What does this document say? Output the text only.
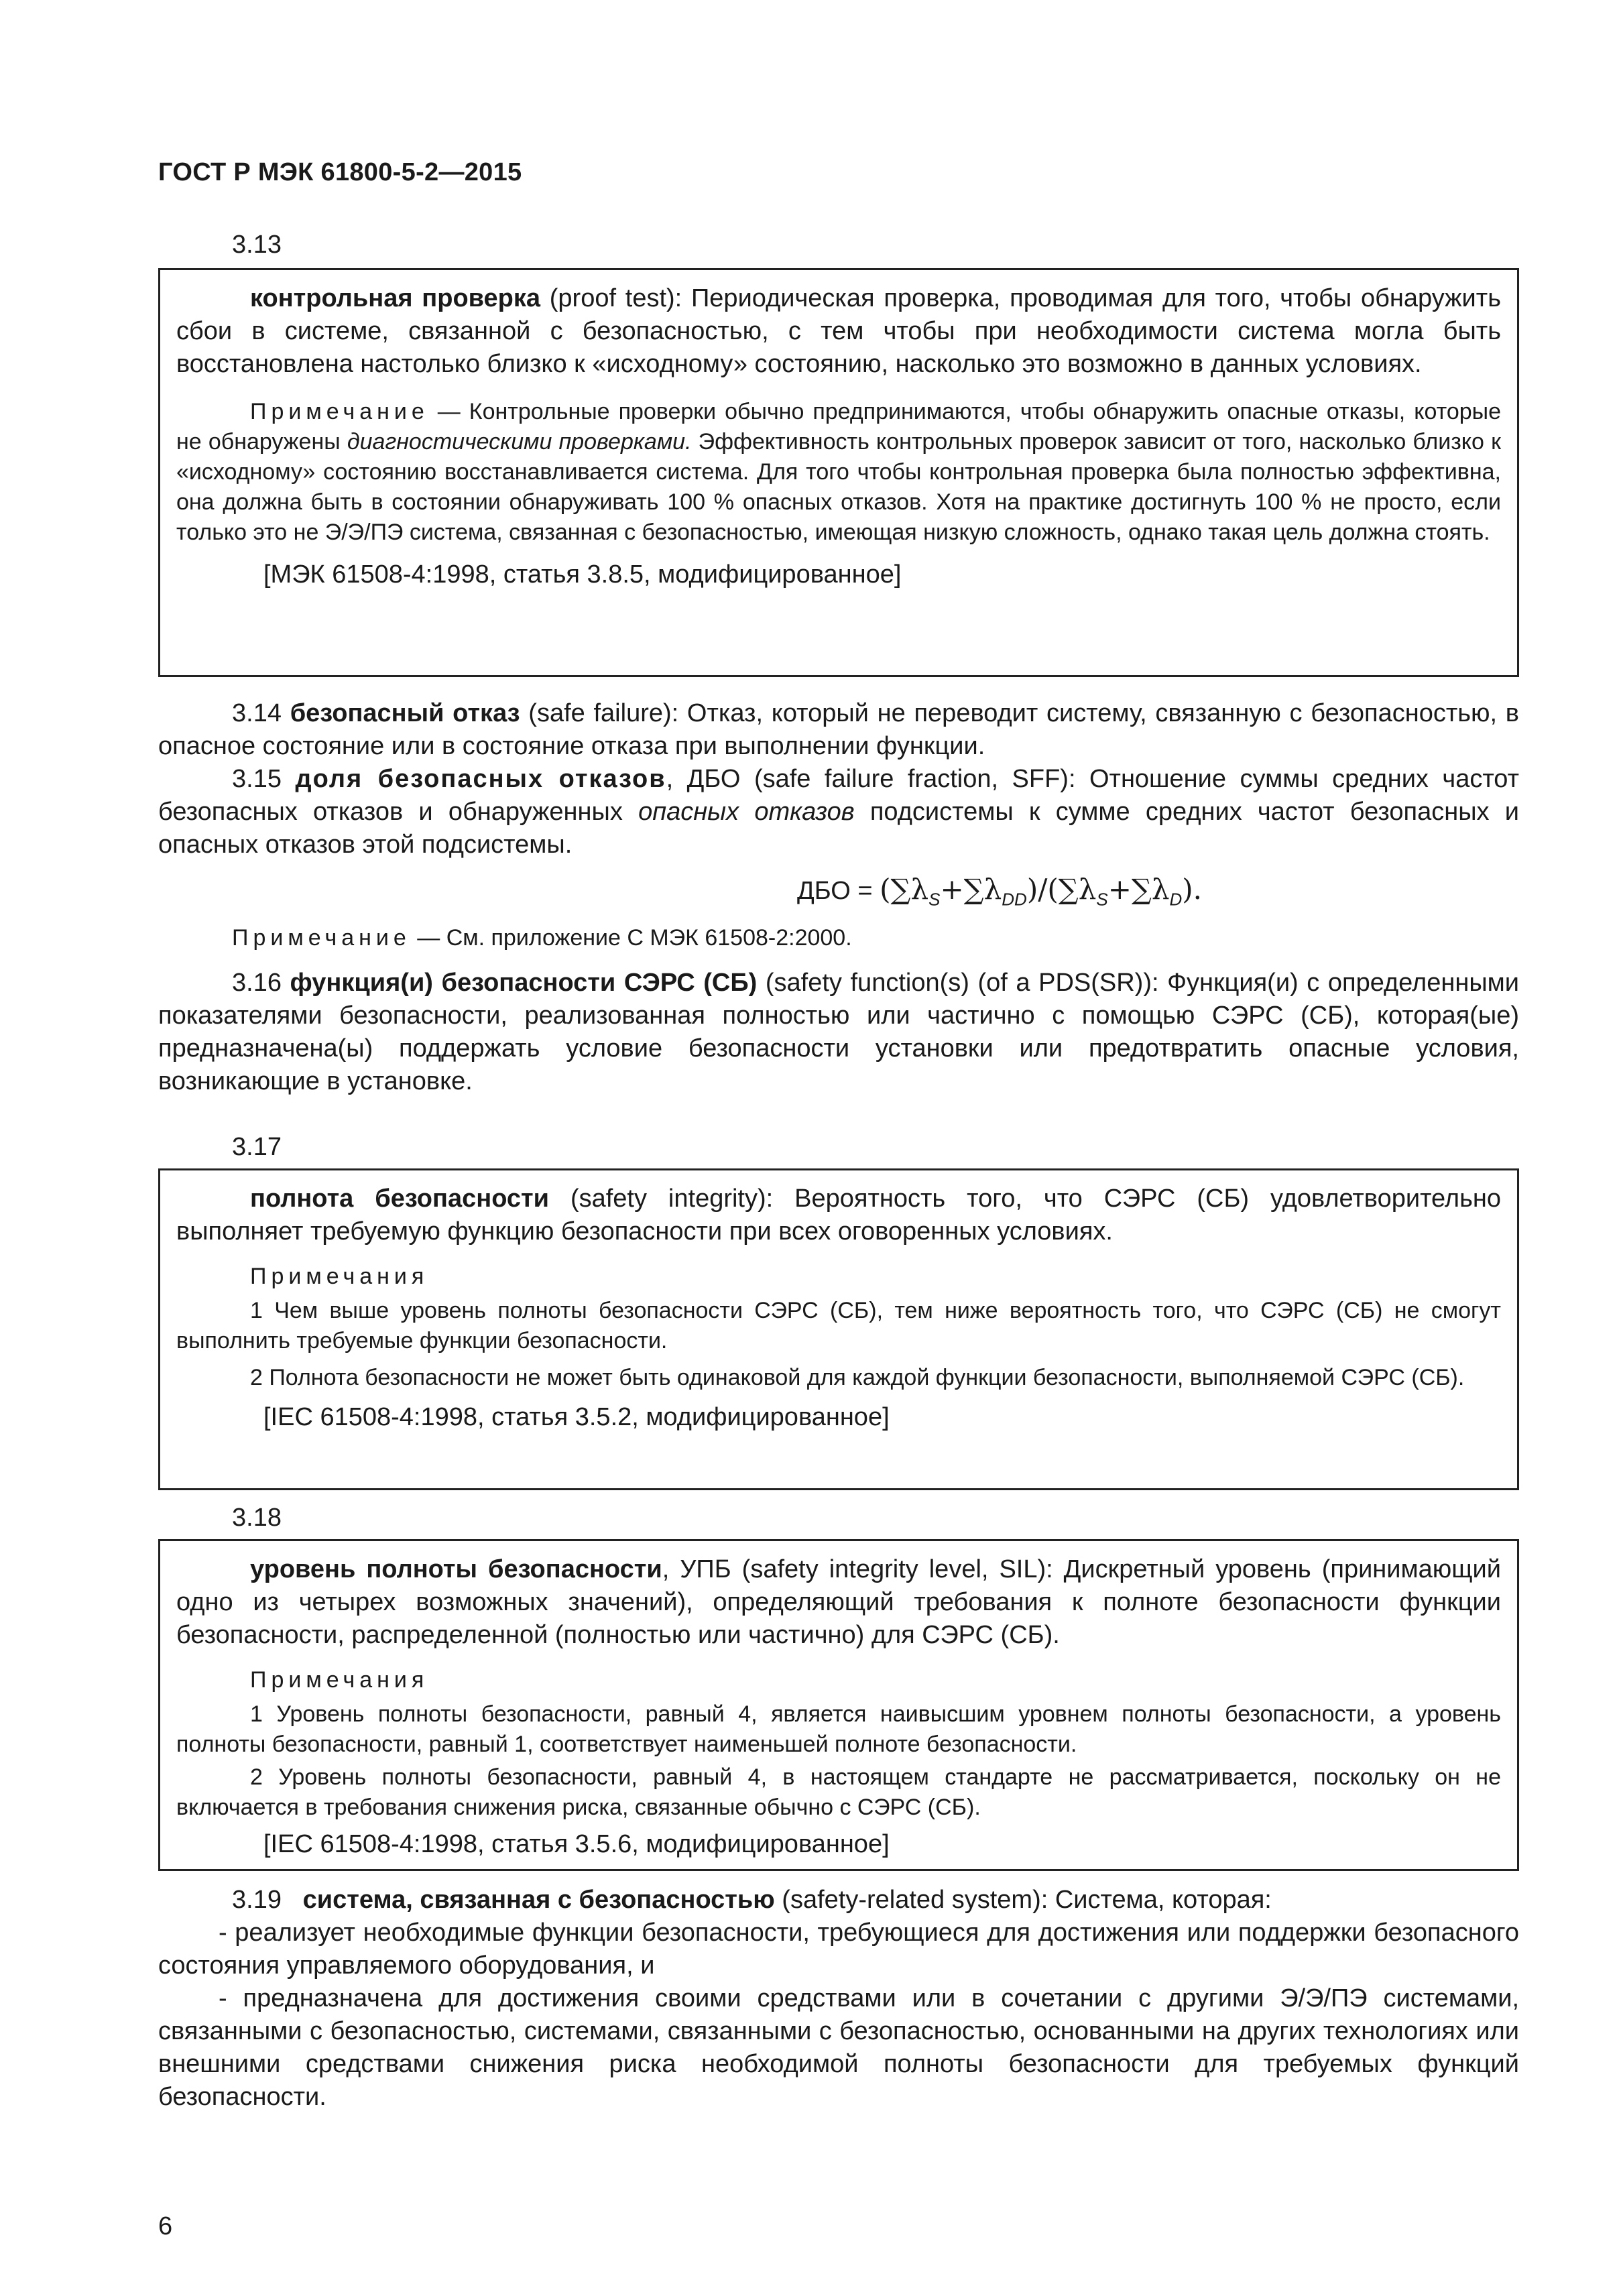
ГОСТ Р МЭК 61800-5-2—2015
3.13

контрольная проверка (proof test): Периодическая проверка, проводимая для того, чтобы обнаружить сбои в системе, связанной с безопасностью, с тем чтобы при необходимости система могла быть восстановлена настолько близко к «исходному» состоянию, насколько это возможно в данных условиях.

Примечание — Контрольные проверки обычно предпринимаются, чтобы обнаружить опасные отказы, которые не обнаружены диагностическими проверками. Эффективность контрольных проверок зависит от того, насколько близко к «исходному» состоянию восстанавливается система. Для того чтобы контрольная проверка была полностью эффективна, она должна быть в состоянии обнаруживать 100 % опасных отказов. Хотя на практике достигнуть 100 % не просто, если только это не Э/Э/ПЭ система, связанная с безопасностью, имеющая низкую сложность, однако такая цель должна стоять.

[МЭК 61508-4:1998, статья 3.8.5, модифицированное]

3.14 безопасный отказ (safe failure): Отказ, который не переводит систему, связанную с безопасностью, в опасное состояние или в состояние отказа при выполнении функции.

3.15 доля безопасных отказов, ДБО (safe failure fraction, SFF): Отношение суммы средних частот безопасных отказов и обнаруженных опасных отказов подсистемы к сумме средних частот безопасных и опасных отказов этой подсистемы.

ДБО = $(\sum\lambda_S+\sum\lambda_{DD})/(\sum\lambda_S+\sum\lambda_D)$.

Примечание — См. приложение С МЭК 61508-2:2000.

3.16 функция(и) безопасности СЭРС (СБ) (safety function(s) (of a PDS(SR)): Функция(и) с определенными показателями безопасности, реализованная полностью или частично с помощью СЭРС (СБ), которая(ые) предназначена(ы) поддержать условие безопасности установки или предотвратить опасные условия, возникающие в установке.

3.17

полнота безопасности (safety integrity): Вероятность того, что СЭРС (СБ) удовлетворительно выполняет требуемую функцию безопасности при всех оговоренных условиях.

Примечания

1 Чем выше уровень полноты безопасности СЭРС (СБ), тем ниже вероятность того, что СЭРС (СБ) не смогут выполнить требуемые функции безопасности.

2 Полнота безопасности не может быть одинаковой для каждой функции безопасности, выполняемой СЭРС (СБ).

[IEC 61508-4:1998, статья 3.5.2, модифицированное]

3.18

уровень полноты безопасности, УПБ (safety integrity level, SIL): Дискретный уровень (принимающий одно из четырех возможных значений), определяющий требования к полноте безопасности функции безопасности, распределенной (полностью или частично) для СЭРС (СБ).

Примечания

1 Уровень полноты безопасности, равный 4, является наивысшим уровнем полноты безопасности, а уровень полноты безопасности, равный 1, соответствует наименьшей полноте безопасности.

2 Уровень полноты безопасности, равный 4, в настоящем стандарте не рассматривается, поскольку он не включается в требования снижения риска, связанные обычно с СЭРС (СБ).

[IEC 61508-4:1998, статья 3.5.6, модифицированное]

3.19 система, связанная с безопасностью (safety-related system): Система, которая:

- реализует необходимые функции безопасности, требующиеся для достижения или поддержки безопасного состояния управляемого оборудования, и

- предназначена для достижения своими средствами или в сочетании с другими Э/Э/ПЭ системами, связанными с безопасностью, системами, связанными с безопасностью, основанными на других технологиях или внешними средствами снижения риска необходимой полноты безопасности для требуемых функций безопасности.

6
